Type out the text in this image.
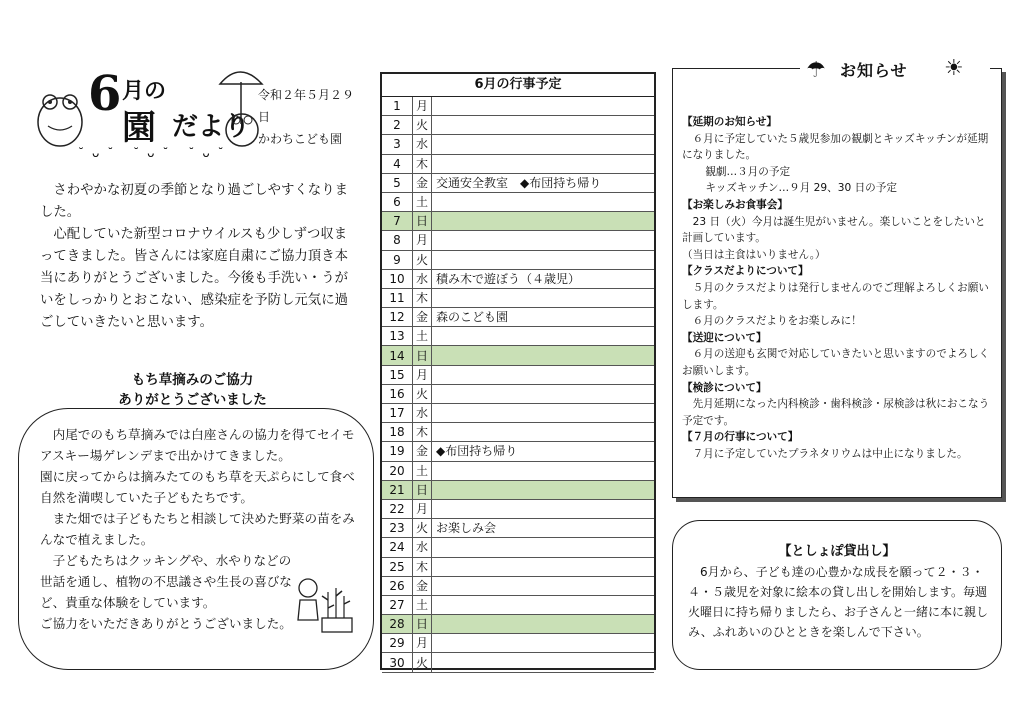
6 月の
園 だより
˘ᴗ˘ ˘ᴗ˘ ˘ᴗ˘
令和２年５月２９日
かわちこども園

さわやかな初夏の季節となり過ごしやすくなりました。

心配していた新型コロナウイルスも少しずつ収まってきました。皆さんには家庭自粛にご協力頂き本当にありがとうございました。今後も手洗い・うがいをしっかりとおこない、感染症を予防し元気に過ごしていきたいと思います。

もち草摘みのご協力
ありがとうございました

内尾でのもち草摘みでは白座さんの協力を得てセイモアスキー場ゲレンデまで出かけてきました。

園に戻ってからは摘みたてのもち草を天ぷらにして食べ自然を満喫していた子どもたちです。

また畑では子どもたちと相談して決めた野菜の苗をみんなで植えました。

子どもたちはクッキングや、水やりなどの世話を通し、植物の不思議さや生長の喜びなど、貴重な体験をしています。

ご協力をいただきありがとうございました。

6月の行事予定
1	月	
2	火	
3	水	
4	木	
5	金	交通安全教室　◆布団持ち帰り
6	土	
7	日	
8	月	
9	火	
10	水	積み木で遊ぼう（４歳児）
11	木	
12	金	森のこども園
13	土	
14	日	
15	月	
16	火	
17	水	
18	木	
19	金	◆布団持ち帰り
20	土	
21	日	
22	月	
23	火	お楽しみ会
24	水	
25	木	
26	金	
27	土	
28	日	
29	月	
30	火	
☂ お知らせ ☀
【延期のお知らせ】
６月に予定していた５歳児参加の観劇とキッズキッチンが延期になりました。
観劇…３月の予定
キッズキッチン…９月 29、30 日の予定
【お楽しみお食事会】
23 日（火）今月は誕生児がいません。楽しいことをしたいと計画しています。
（当日は主食はいりません。）
【クラスだよりについて】
５月のクラスだよりは発行しませんのでご理解よろしくお願いします。
６月のクラスだよりをお楽しみに！
【送迎について】
６月の送迎も玄関で対応していきたいと思いますのでよろしくお願いします。
【検診について】
先月延期になった内科検診・歯科検診・尿検診は秋におこなう予定です。
【７月の行事について】
７月に予定していたプラネタリウムは中止になりました。
【としょぽ貸出し】

6月から、子ども達の心豊かな成長を願って２・３・４・５歳児を対象に絵本の貸し出しを開始します。毎週火曜日に持ち帰りましたら、お子さんと一緒に本に親しみ、ふれあいのひとときを楽しんで下さい。
